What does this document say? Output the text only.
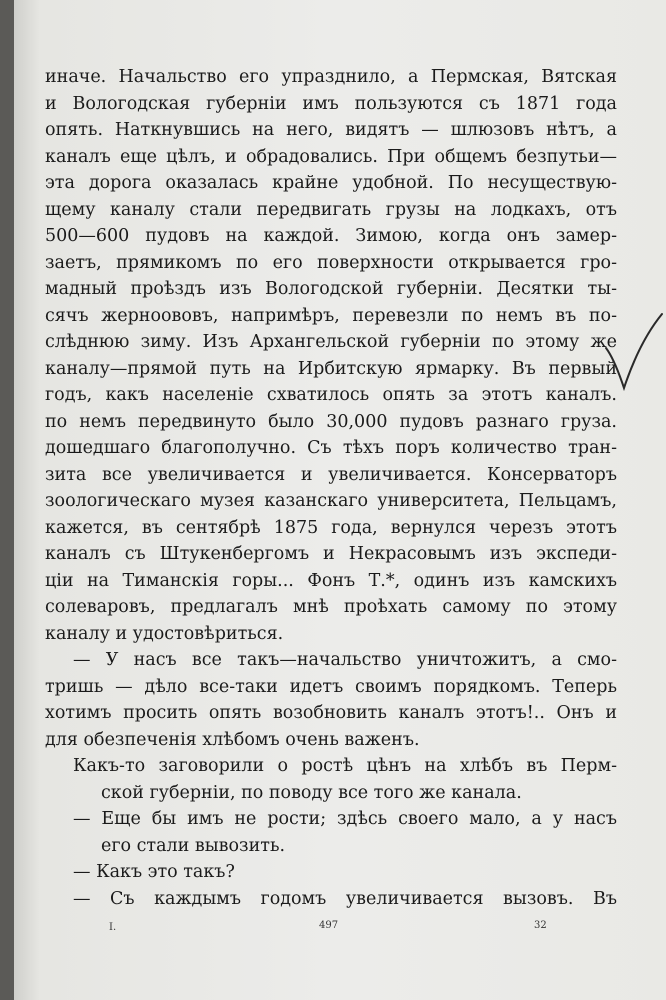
иначе. Начальство его упразднило, а Пермская, Вятская
и Вологодская губерніи имъ пользуются съ 1871 года
опять. Наткнувшись на него, видятъ — шлюзовъ нѣтъ, а
каналъ еще цѣлъ, и обрадовались. При общемъ безпутьи—
эта дорога оказалась крайне удобной. По несуществую-
щему каналу стали передвигать грузы на лодкахъ, отъ
500—600 пудовъ на каждой. Зимою, когда онъ замер-
заетъ, прямикомъ по его поверхности открывается гро-
мадный проѣздъ изъ Вологодской губерніи. Десятки ты-
сячъ жерноововъ, напримѣръ, перевезли по немъ въ по-
слѣднюю зиму. Изъ Архангельской губерніи по этому же
каналу—прямой путь на Ирбитскую ярмарку. Въ первый
годъ, какъ населеніе схватилось опять за этотъ каналъ.
по немъ передвинуто было 30,000 пудовъ разнаго груза.
дошедшаго благополучно. Съ тѣхъ поръ количество тран-
зита все увеличивается и увеличивается. Консерваторъ
зоологическаго музея казанскаго университета, Пельцамъ,
кажется, въ сентябрѣ 1875 года, вернулся черезъ этотъ
каналъ съ Штукенбергомъ и Некрасовымъ изъ экспеди-
ціи на Тиманскія горы... Фонъ Т.*, одинъ изъ камскихъ
солеваровъ, предлагалъ мнѣ проѣхать самому по этому
каналу и удостовѣриться.
— У насъ все такъ—начальство уничтожитъ, а смо-
тришь — дѣло все-таки идетъ своимъ порядкомъ. Теперь
хотимъ просить опять возобновить каналъ этотъ!.. Онъ и
для обезпеченія хлѣбомъ очень важенъ.
Какъ-то заговорили о ростѣ цѣнъ на хлѣбъ въ Перм-
ской губерніи, по поводу все того же канала.
— Еще бы имъ не рости; здѣсь своего мало, а у насъ
его стали вывозить.
— Какъ это такъ?
— Съ каждымъ годомъ увеличивается вызовъ. Въ
I.	497	32
